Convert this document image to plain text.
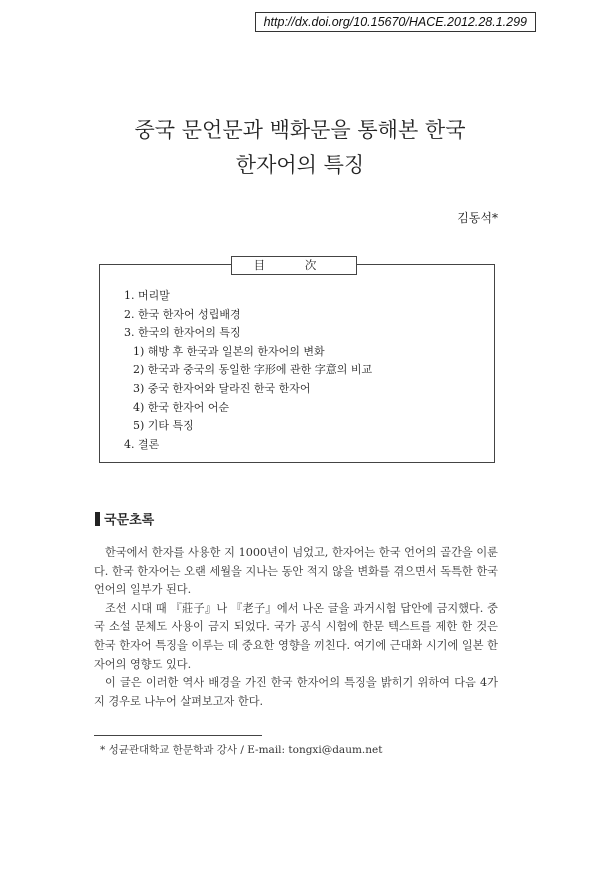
http://dx.doi.org/10.15670/HACE.2012.28.1.299
중국 문언문과 백화문을 통해본 한국
한자어의 특징
김동석*
目 次
1. 머리말
2. 한국 한자어 성립배경
3. 한국의 한자어의 특징
1) 해방 후 한국과 일본의 한자어의 변화
2) 한국과 중국의 동일한 字形에 관한 字意의 비교
3) 중국 한자어와 달라진 한국 한자어
4) 한국 한자어 어순
5) 기타 특징
4. 결론
국문초록

한국에서 한자를 사용한 지 1000년이 넘었고, 한자어는 한국 언어의 골간을 이룬다. 한국 한자어는 오랜 세월을 지나는 동안 적지 않을 변화를 겪으면서 독특한 한국 언어의 일부가 된다.

조선 시대 때 『莊子』나 『老子』에서 나온 글을 과거시험 답안에 금지했다. 중국 소설 문체도 사용이 금지 되었다. 국가 공식 시험에 한문 텍스트를 제한 한 것은 한국 한자어 특징을 이루는 데 중요한 영향을 끼친다. 여기에 근대화 시기에 일본 한자어의 영향도 있다.

이 글은 이러한 역사 배경을 가진 한국 한자어의 특징을 밝히기 위하여 다음 4가지 경우로 나누어 살펴보고자 한다.

* 성균관대학교 한문학과 강사 / E-mail: tongxi@daum.net
